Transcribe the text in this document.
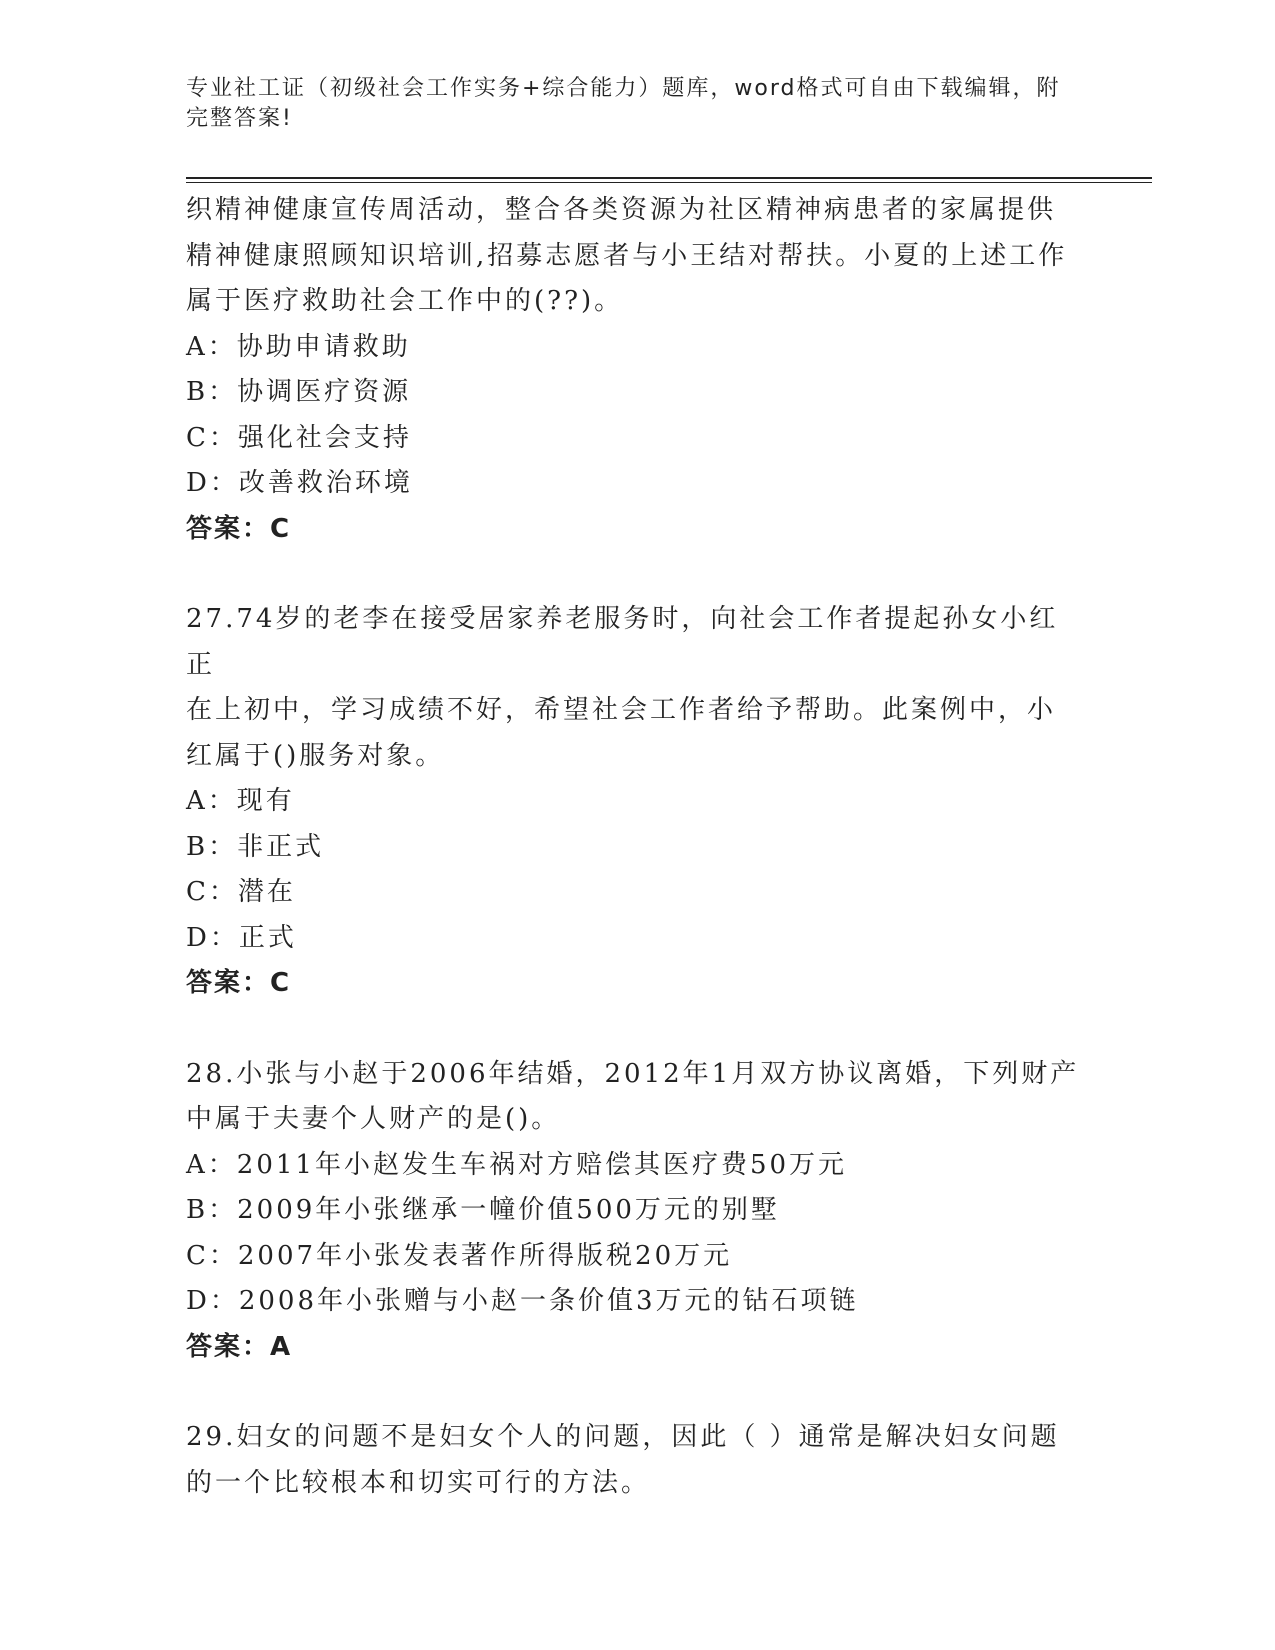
专业社工证（初级社会工作实务+综合能力）题库，word格式可自由下载编辑，附
完整答案!

织精神健康宣传周活动，整合各类资源为社区精神病患者的家属提供

精神健康照顾知识培训,招募志愿者与小王结对帮扶。小夏的上述工作

属于医疗救助社会工作中的(??)。

A：协助申请救助

B：协调医疗资源

C：强化社会支持

D：改善救治环境

答案：C

27.74岁的老李在接受居家养老服务时，向社会工作者提起孙女小红正

在上初中，学习成绩不好，希望社会工作者给予帮助。此案例中，小

红属于()服务对象。

A：现有

B：非正式

C：潜在

D：正式

答案：C

28.小张与小赵于2006年结婚，2012年1月双方协议离婚，下列财产

中属于夫妻个人财产的是()。

A：2011年小赵发生车祸对方赔偿其医疗费50万元

B：2009年小张继承一幢价值500万元的别墅

C：2007年小张发表著作所得版税20万元

D：2008年小张赠与小赵一条价值3万元的钻石项链

答案：A

29.妇女的问题不是妇女个人的问题，因此（ ）通常是解决妇女问题

的一个比较根本和切实可行的方法。
